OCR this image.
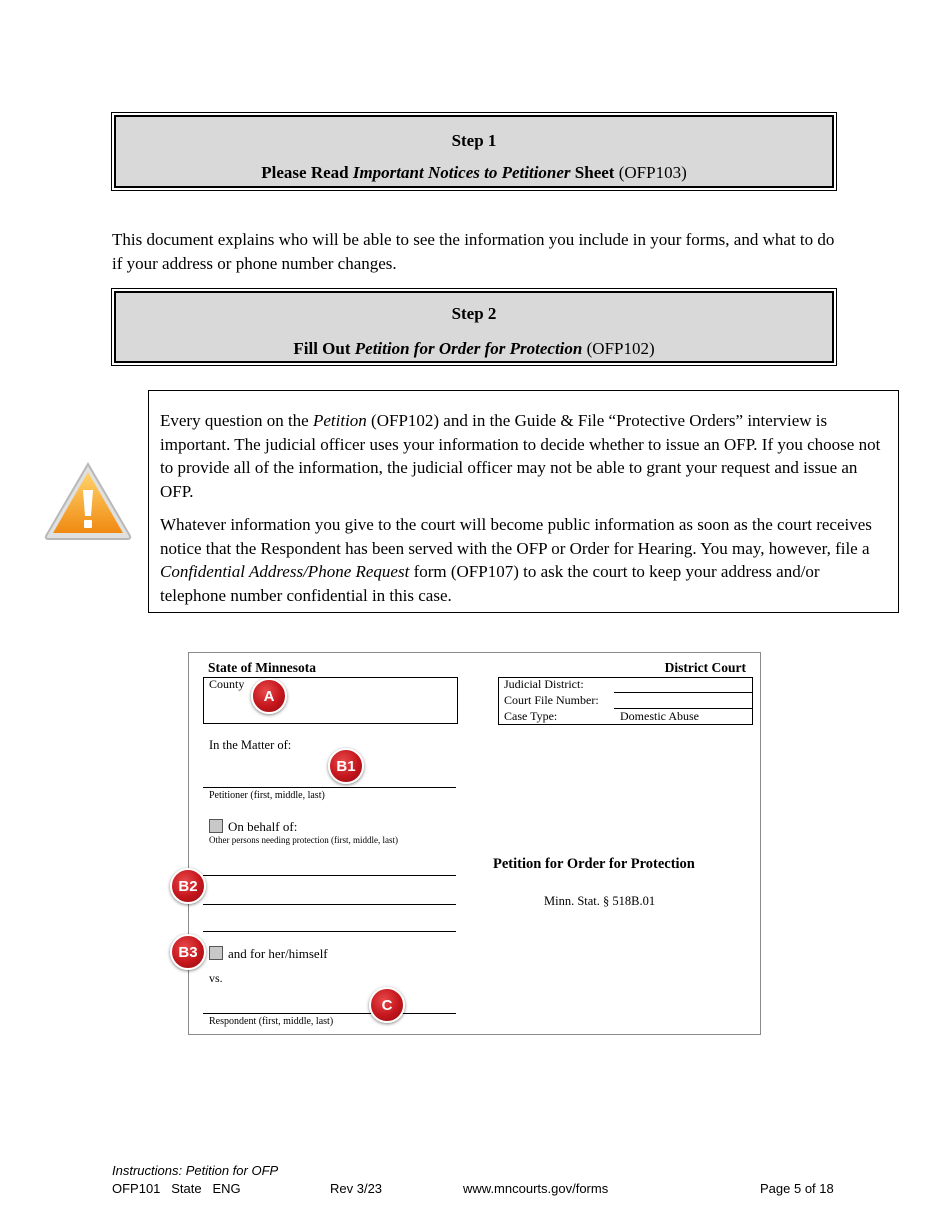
Step 1
Please Read Important Notices to Petitioner Sheet (OFP103)
This document explains who will be able to see the information you include in your forms, and what to do if your address or phone number changes.
Step 2
Fill Out Petition for Order for Protection (OFP102)

Every question on the Petition (OFP102) and in the Guide & File “Protective Orders” interview is important. The judicial officer uses your information to decide whether to issue an OFP. If you choose not to provide all of the information, the judicial officer may not be able to grant your request and issue an OFP.

Whatever information you give to the court will become public information as soon as the court receives notice that the Respondent has been served with the OFP or Order for Hearing. You may, however, file a Confidential Address/Phone Request form (OFP107) to ask the court to keep your address and/or telephone number confidential in this case.

State of Minnesota	District Court
County	Judicial District:
Court File Number:
Case Type:	Domestic Abuse
In the Matter of:
Petitioner (first, middle, last)
On behalf of:
Other persons needing protection (first, middle, last)
Petition for Order for Protection
Minn. Stat. § 518B.01
and for her/himself
vs.
Respondent (first, middle, last)
A
B1
B2
B3
C
Instructions: Petition for OFP
OFP101   State   ENG	Rev 3/23	www.mncourts.gov/forms	Page 5 of 18
